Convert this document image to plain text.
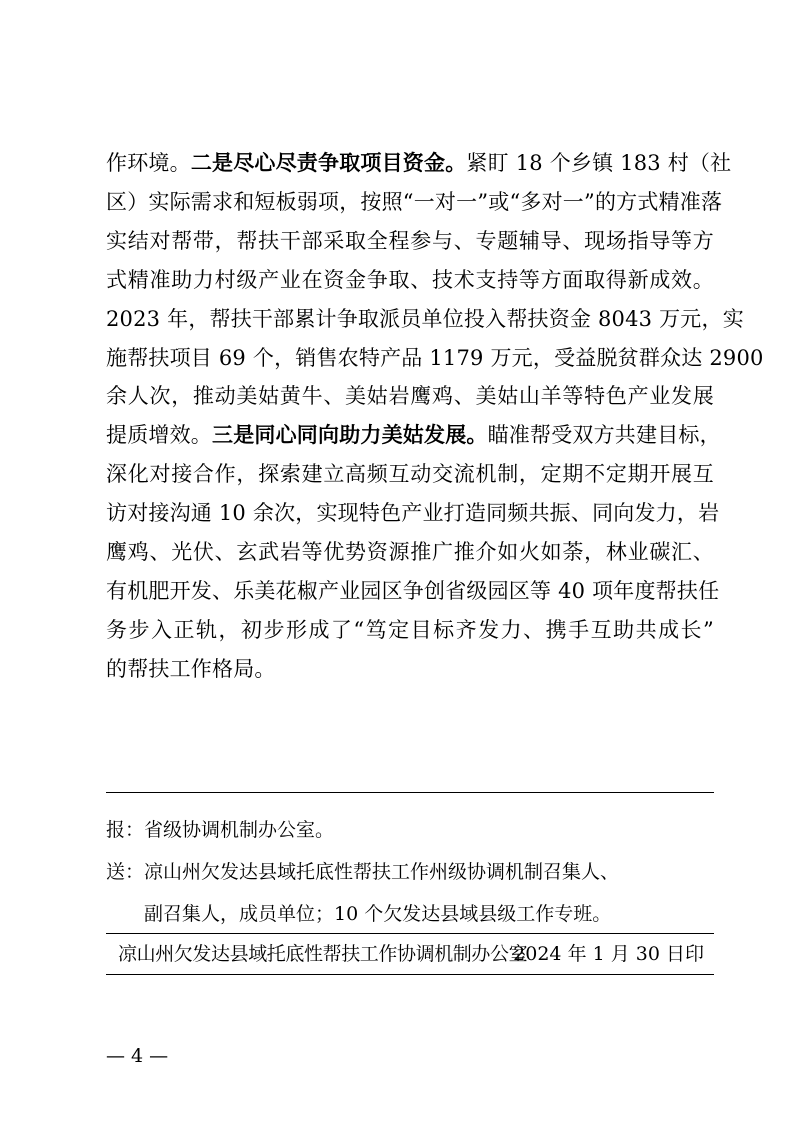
作环境。二是尽心尽责争取项目资金。紧盯 18 个乡镇 183 村（社
区）实际需求和短板弱项，按照“一对一”或“多对一”的方式精准落
实结对帮带，帮扶干部采取全程参与、专题辅导、现场指导等方
式精准助力村级产业在资金争取、技术支持等方面取得新成效。
2023 年，帮扶干部累计争取派员单位投入帮扶资金 8043 万元，实
施帮扶项目 69 个，销售农特产品 1179 万元，受益脱贫群众达 2900
余人次，推动美姑黄牛、美姑岩鹰鸡、美姑山羊等特色产业发展
提质增效。三是同心同向助力美姑发展。瞄准帮受双方共建目标，
深化对接合作，探索建立高频互动交流机制，定期不定期开展互
访对接沟通 10 余次，实现特色产业打造同频共振、同向发力，岩
鹰鸡、光伏、玄武岩等优势资源推广推介如火如荼，林业碳汇、
有机肥开发、乐美花椒产业园区争创省级园区等 40 项年度帮扶任
务步入正轨，初步形成了“笃定目标齐发力、携手互助共成长”
的帮扶工作格局。
报：省级协调机制办公室。
送：凉山州欠发达县域托底性帮扶工作州级协调机制召集人、
副召集人，成员单位；10 个欠发达县域县级工作专班。
凉山州欠发达县域托底性帮扶工作协调机制办公室
2024 年 1 月 30 日印
— 4 —
